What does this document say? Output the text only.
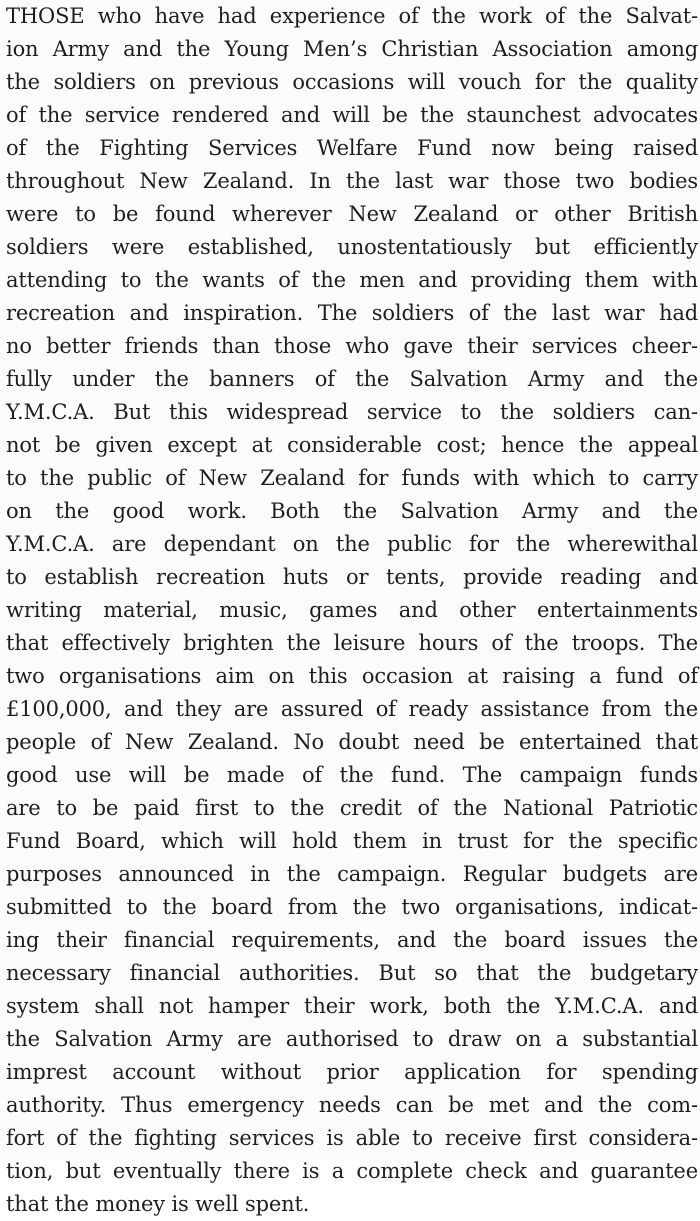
THOSE who have had experience of the work of the Salvat-
ion Army and the Young Men’s Christian Association among
the soldiers on previous occasions will vouch for the quality
of the service rendered and will be the staunchest advocates
of the Fighting Services Welfare Fund now being raised
throughout New Zealand. In the last war those two bodies
were to be found wherever New Zealand or other British
soldiers were established, unostentatiously but efficiently
attending to the wants of the men and providing them with
recreation and inspiration. The soldiers of the last war had
no better friends than those who gave their services cheer-
fully under the banners of the Salvation Army and the
Y.M.C.A. But this widespread service to the soldiers can-
not be given except at considerable cost; hence the appeal
to the public of New Zealand for funds with which to carry
on the good work. Both the Salvation Army and the
Y.M.C.A. are dependant on the public for the wherewithal
to establish recreation huts or tents, provide reading and
writing material, music, games and other entertainments
that effectively brighten the leisure hours of the troops. The
two organisations aim on this occasion at raising a fund of
£100,000, and they are assured of ready assistance from the
people of New Zealand. No doubt need be entertained that
good use will be made of the fund. The campaign funds
are to be paid first to the credit of the National Patriotic
Fund Board, which will hold them in trust for the specific
purposes announced in the campaign. Regular budgets are
submitted to the board from the two organisations, indicat-
ing their financial requirements, and the board issues the
necessary financial authorities. But so that the budgetary
system shall not hamper their work, both the Y.M.C.A. and
the Salvation Army are authorised to draw on a substantial
imprest account without prior application for spending
authority. Thus emergency needs can be met and the com-
fort of the fighting services is able to receive first considera-
tion, but eventually there is a complete check and guarantee
that the money is well spent.
